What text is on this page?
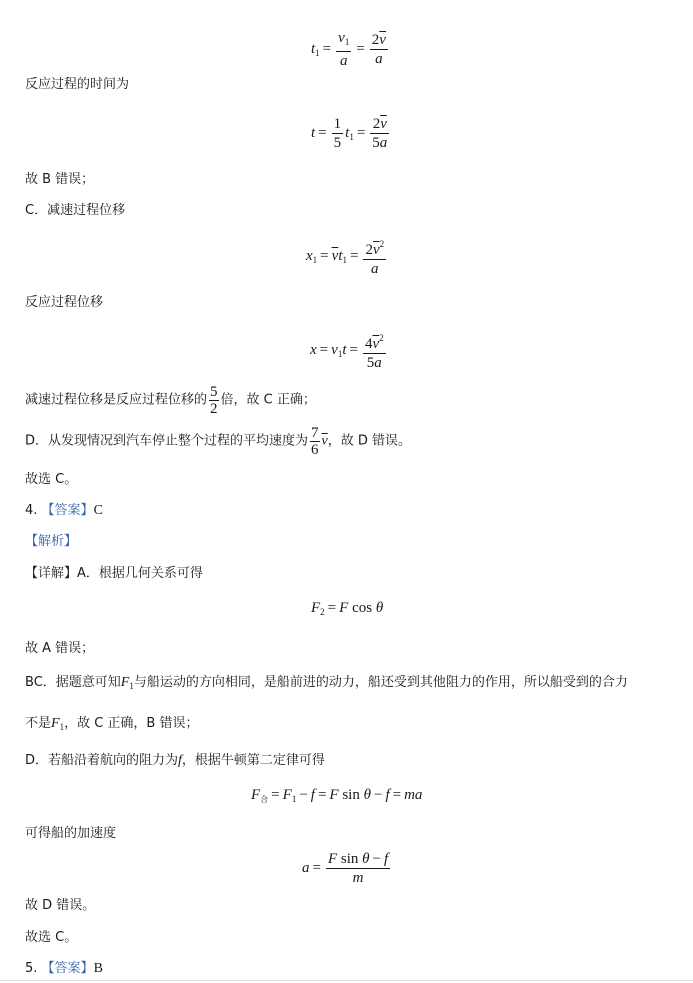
$t_1 = \frac{v_1}{a} = \frac{2\overline{v}}{a}$
反应过程的时间为
$t = \frac{1}{5} t_1 = \frac{2\overline{v}}{5a}$
故 B 错误；
C．减速过程位移
$x_1 = \overline{v}t_1 = \frac{2\overline{v}^2}{a}$
反应过程位移
$x = v_1t = \frac{4\overline{v}^2}{5a}$
减速过程位移是反应过程位移的 $\frac{5}{2}$ 倍，故 C 正确；
D．从发现情况到汽车停止整个过程的平均速度为 $\frac{7}{6} \overline{v}$，故 D 错误。
故选 C。
4. 【答案】C
【解析】
【详解】A．根据几何关系可得
$F_2 = F$ cos θ
故 A 错误；
BC．据题意可知$F_1$与船运动的方向相同，是船前进的动力，船还受到其他阻力的作用，所以船受到的合力
不是$F_1$，故 C 正确，B 错误；
D．若船沿着航向的阻力为f，根据牛顿第二定律可得
$F_合 = F_1 - f = F$ sin θ − f = ma
可得船的加速度
$a = \frac{\text{F sin θ − f}}{m}$
故 D 错误。
故选 C。
5. 【答案】B
